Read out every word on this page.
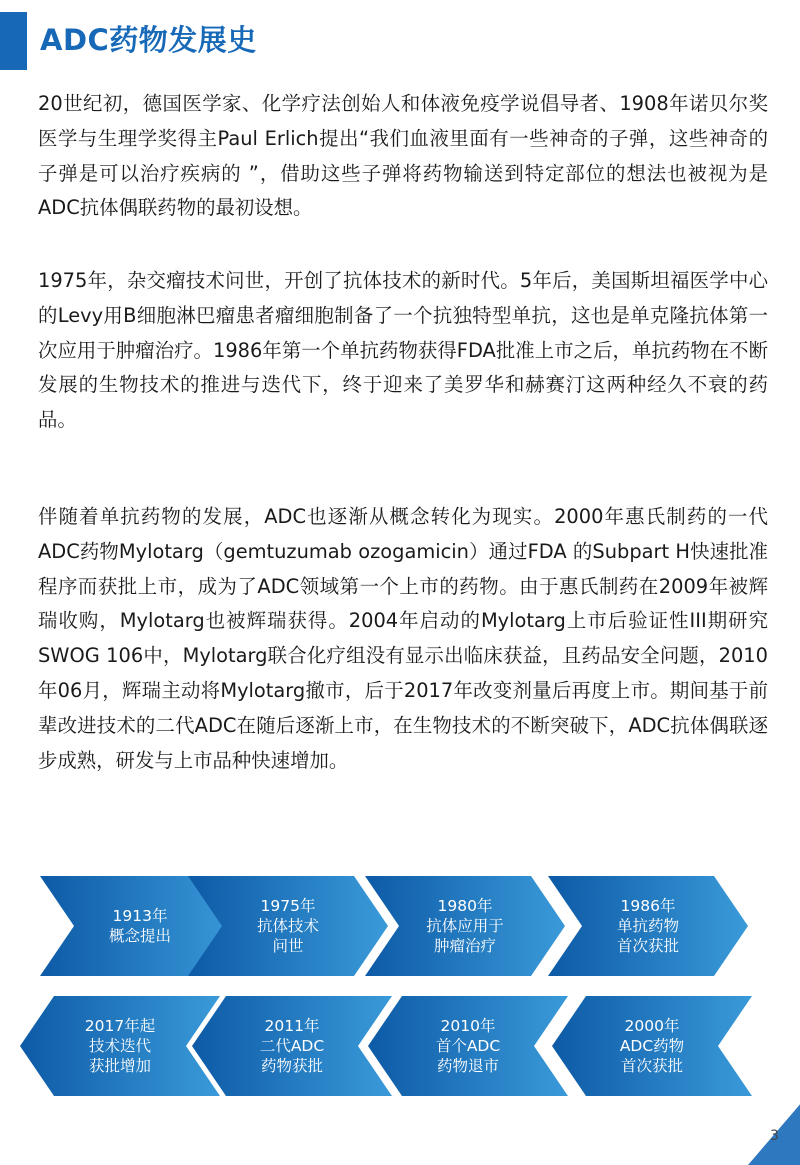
ADC药物发展史

20世纪初，德国医学家、化学疗法创始人和体液免疫学说倡导者、1908年诺贝尔奖医学与生理学奖得主Paul Erlich提出“我们血液里面有一些神奇的子弹，这些神奇的子弹是可以治疗疾病的 ”，借助这些子弹将药物输送到特定部位的想法也被视为是ADC抗体偶联药物的最初设想。

1975年，杂交瘤技术问世，开创了抗体技术的新时代。5年后，美国斯坦福医学中心的Levy用B细胞淋巴瘤患者瘤细胞制备了一个抗独特型单抗，这也是单克隆抗体第一次应用于肿瘤治疗。1986年第一个单抗药物获得FDA批准上市之后，单抗药物在不断发展的生物技术的推进与迭代下，终于迎来了美罗华和赫赛汀这两种经久不衰的药品。

伴随着单抗药物的发展，ADC也逐渐从概念转化为现实。2000年惠氏制药的一代ADC药物Mylotarg（gemtuzumab ozogamicin）通过FDA 的Subpart H快速批准程序而获批上市，成为了ADC领域第一个上市的药物。由于惠氏制药在2009年被辉瑞收购，Mylotarg也被辉瑞获得。2004年启动的Mylotarg上市后验证性III期研究 SWOG 106中，Mylotarg联合化疗组没有显示出临床获益，且药品安全问题，2010年06月，辉瑞主动将Mylotarg撤市，后于2017年改变剂量后再度上市。期间基于前辈改进技术的二代ADC在随后逐渐上市，在生物技术的不断突破下，ADC抗体偶联逐步成熟，研发与上市品种快速增加。

1913年
概念提出
1975年
抗体技术
问世
1980年
抗体应用于
肿瘤治疗
1986年
单抗药物
首次获批
2017年起
技术迭代
获批增加
2011年
二代ADC
药物获批
2010年
首个ADC
药物退市
2000年
ADC药物
首次获批
3
